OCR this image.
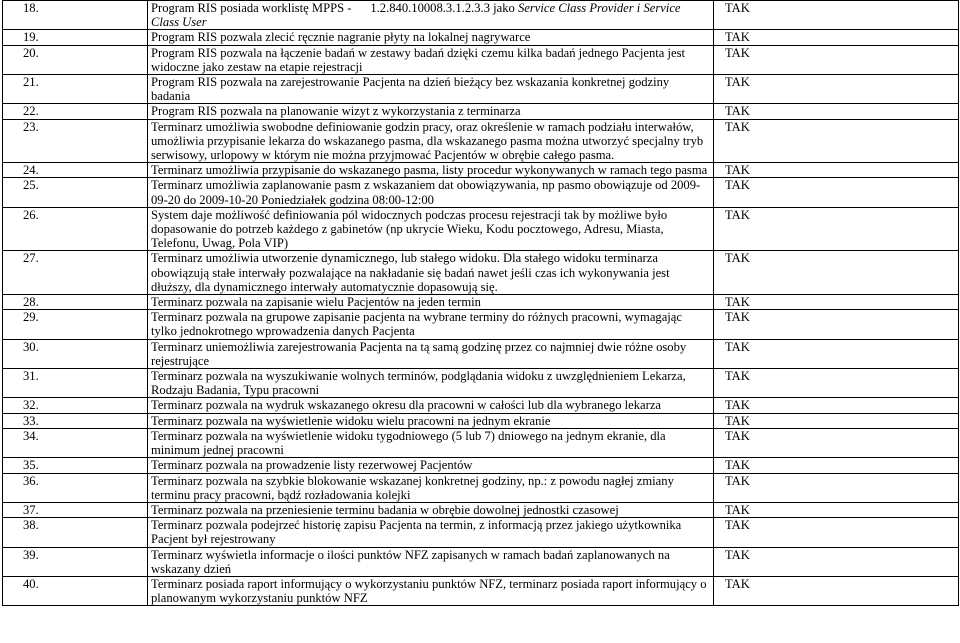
18.	Program RIS posiada worklistę MPPS - 1.2.840.10008.3.1.2.3.3 jako Service Class Provider i Service Class User	TAK
19.	Program RIS pozwala zlecić ręcznie nagranie płyty na lokalnej nagrywarce	TAK
20.	Program RIS pozwala na łączenie badań w zestawy badań dzięki czemu kilka badań jednego Pacjenta jest widoczne jako zestaw na etapie rejestracji	TAK
21.	Program RIS pozwala na zarejestrowanie Pacjenta na dzień bieżący bez wskazania konkretnej godziny badania	TAK
22.	Program RIS pozwala na planowanie wizyt z wykorzystania z terminarza	TAK
23.	Terminarz umożliwia swobodne definiowanie godzin pracy, oraz określenie w ramach podziału interwałów, umożliwia przypisanie lekarza do wskazanego pasma, dla wskazanego pasma można utworzyć specjalny tryb serwisowy, urlopowy w którym nie można przyjmować Pacjentów w obrębie całego pasma.	TAK
24.	Terminarz umożliwia przypisanie do wskazanego pasma, listy procedur wykonywanych w ramach tego pasma	TAK
25.	Terminarz umożliwia zaplanowanie pasm z wskazaniem dat obowiązywania, np pasmo obowiązuje od 2009-09-20 do 2009-10-20 Poniedziałek godzina 08:00-12:00	TAK
26.	System daje możliwość definiowania pól widocznych podczas procesu rejestracji tak by możliwe było dopasowanie do potrzeb każdego z gabinetów (np ukrycie Wieku, Kodu pocztowego, Adresu, Miasta, Telefonu, Uwag, Pola VIP)	TAK
27.	Terminarz umożliwia utworzenie dynamicznego, lub stałego widoku. Dla stałego widoku terminarza obowiązują stałe interwały pozwalające na nakładanie się badań nawet jeśli czas ich wykonywania jest dłuższy, dla dynamicznego interwały automatycznie dopasowują się.	TAK
28.	Terminarz pozwala na zapisanie wielu Pacjentów na jeden termin	TAK
29.	Terminarz pozwala na grupowe zapisanie pacjenta na wybrane terminy do różnych pracowni, wymagając tylko jednokrotnego wprowadzenia danych Pacjenta	TAK
30.	Terminarz uniemożliwia zarejestrowania Pacjenta na tą samą godzinę przez co najmniej dwie różne osoby rejestrujące	TAK
31.	Terminarz pozwala na wyszukiwanie wolnych terminów, podglądania widoku z uwzględnieniem Lekarza, Rodzaju Badania, Typu pracowni	TAK
32.	Terminarz pozwala na wydruk wskazanego okresu dla pracowni w całości lub dla wybranego lekarza	TAK
33.	Terminarz pozwala na wyświetlenie widoku wielu pracowni na jednym ekranie	TAK
34.	Terminarz pozwala na wyświetlenie widoku tygodniowego (5 lub 7) dniowego na jednym ekranie, dla minimum jednej pracowni	TAK
35.	Terminarz pozwala na prowadzenie listy rezerwowej Pacjentów	TAK
36.	Terminarz pozwala na szybkie blokowanie wskazanej konkretnej godziny, np.: z powodu nagłej zmiany terminu pracy pracowni, bądź rozładowania kolejki	TAK
37.	Terminarz pozwala na przeniesienie terminu badania w obrębie dowolnej jednostki czasowej	TAK
38.	Terminarz pozwala podejrzeć historię zapisu Pacjenta na termin, z informacją przez jakiego użytkownika Pacjent był rejestrowany	TAK
39.	Terminarz wyświetla informacje o ilości punktów NFZ zapisanych w ramach badań zaplanowanych na wskazany dzień	TAK
40.	Terminarz posiada raport informujący o wykorzystaniu punktów NFZ, terminarz posiada raport informujący o planowanym wykorzystaniu punktów NFZ	TAK
